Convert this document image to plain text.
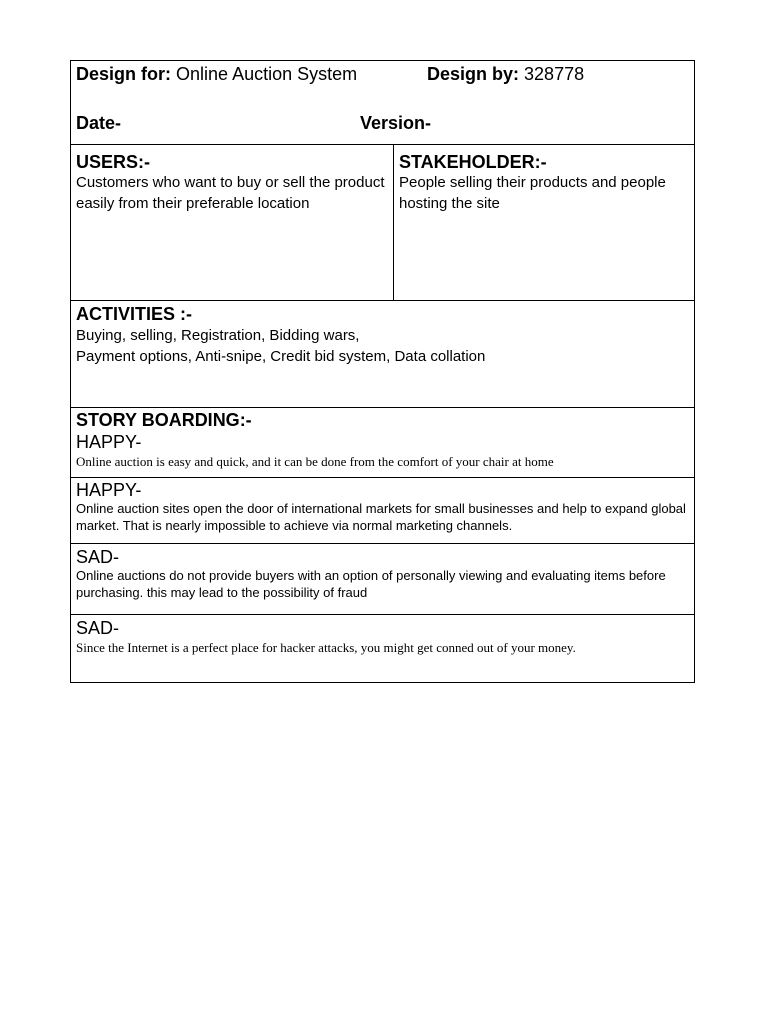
Design for: Online Auction System	Design by: 328778
Date-	Version-
USERS:-
Customers who want to buy or sell the product easily from their preferable location
STAKEHOLDER:-
People selling their products and people hosting the site
ACTIVITIES :-
Buying, selling, Registration, Bidding wars,
Payment options, Anti-snipe, Credit bid system, Data collation
STORY BOARDING:-
HAPPY-
Online auction is easy and quick, and it can be done from the comfort of your chair at home
HAPPY-
Online auction sites open the door of international markets for small businesses and help to expand global market. That is nearly impossible to achieve via normal marketing channels.
SAD-
Online auctions do not provide buyers with an option of personally viewing and evaluating items before purchasing. this may lead to the possibility of fraud
SAD-
Since the Internet is a perfect place for hacker attacks, you might get conned out of your money.
